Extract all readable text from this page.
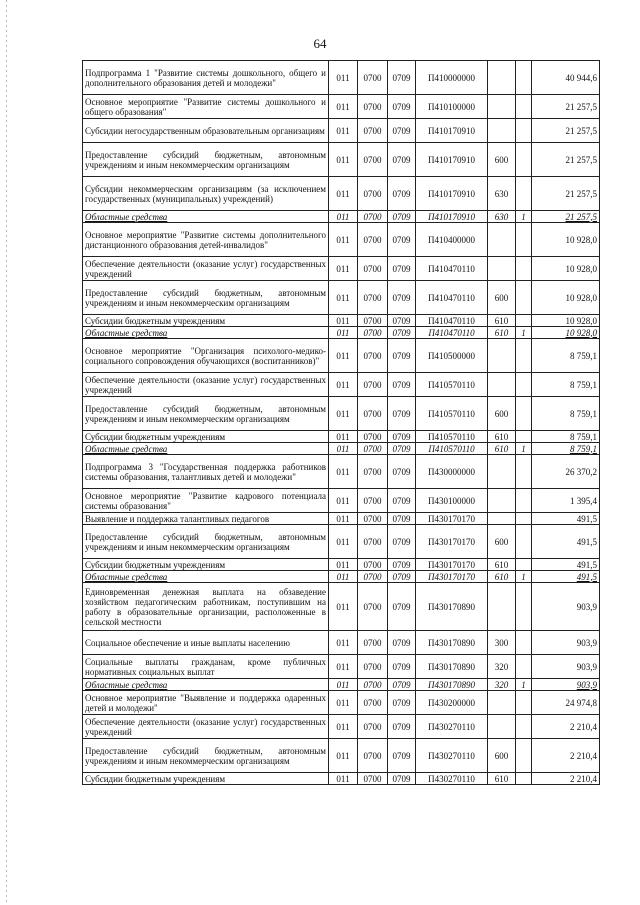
64
Подпрограмма 1 "Развитие системы дошкольного, общего и дополнительного образования детей и молодежи"	011	0700	0709	П410000000			40 944,6
Основное мероприятие "Развитие системы дошкольного и общего образования"	011	0700	0709	П410100000			21 257,5
Субсидии негосударственным образовательным организациям	011	0700	0709	П410170910			21 257,5
Предоставление субсидий бюджетным, автономным учреждениям и иным некоммерческим организациям	011	0700	0709	П410170910	600		21 257,5
Субсидии некоммерческим организациям (за исключением государственных (муниципальных) учреждений)	011	0700	0709	П410170910	630		21 257,5
Областные средства	011	0700	0709	П410170910	630	1	21 257,5
Основное мероприятие "Развитие системы дополнительного дистанционного образования детей-инвалидов"	011	0700	0709	П410400000			10 928,0
Обеспечение деятельности (оказание услуг) государственных учреждений	011	0700	0709	П410470110			10 928,0
Предоставление субсидий бюджетным, автономным учреждениям и иным некоммерческим организациям	011	0700	0709	П410470110	600		10 928,0
Субсидии бюджетным учреждениям	011	0700	0709	П410470110	610		10 928,0
Областные средства	011	0700	0709	П410470110	610	1	10 928,0
Основное мероприятие "Организация психолого-медико-социального сопровождения обучающихся (воспитанников)"	011	0700	0709	П410500000			8 759,1
Обеспечение деятельности (оказание услуг) государственных учреждений	011	0700	0709	П410570110			8 759,1
Предоставление субсидий бюджетным, автономным учреждениям и иным некоммерческим организациям	011	0700	0709	П410570110	600		8 759,1
Субсидии бюджетным учреждениям	011	0700	0709	П410570110	610		8 759,1
Областные средства	011	0700	0709	П410570110	610	1	8 759,1
Подпрограмма 3 "Государственная поддержка работников системы образования, талантливых детей и молодежи"	011	0700	0709	П430000000			26 370,2
Основное мероприятие "Развитие кадрового потенциала системы образования"	011	0700	0709	П430100000			1 395,4
Выявление и поддержка талантливых педагогов	011	0700	0709	П430170170			491,5
Предоставление субсидий бюджетным, автономным учреждениям и иным некоммерческим организациям	011	0700	0709	П430170170	600		491,5
Субсидии бюджетным учреждениям	011	0700	0709	П430170170	610		491,5
Областные средства	011	0700	0709	П430170170	610	1	491,5
Единовременная денежная выплата на обзаведение хозяйством педагогическим работникам, поступившим на работу в образовательные организации, расположенные в сельской местности	011	0700	0709	П430170890			903,9
Социальное обеспечение и иные выплаты населению	011	0700	0709	П430170890	300		903,9
Социальные выплаты гражданам, кроме публичных нормативных социальных выплат	011	0700	0709	П430170890	320		903,9
Областные средства	011	0700	0709	П430170890	320	1	903,9
Основное мероприятие "Выявление и поддержка одаренных детей и молодежи"	011	0700	0709	П430200000			24 974,8
Обеспечение деятельности (оказание услуг) государственных учреждений	011	0700	0709	П430270110			2 210,4
Предоставление субсидий бюджетным, автономным учреждениям и иным некоммерческим организациям	011	0700	0709	П430270110	600		2 210,4
Субсидии бюджетным учреждениям	011	0700	0709	П430270110	610		2 210,4
